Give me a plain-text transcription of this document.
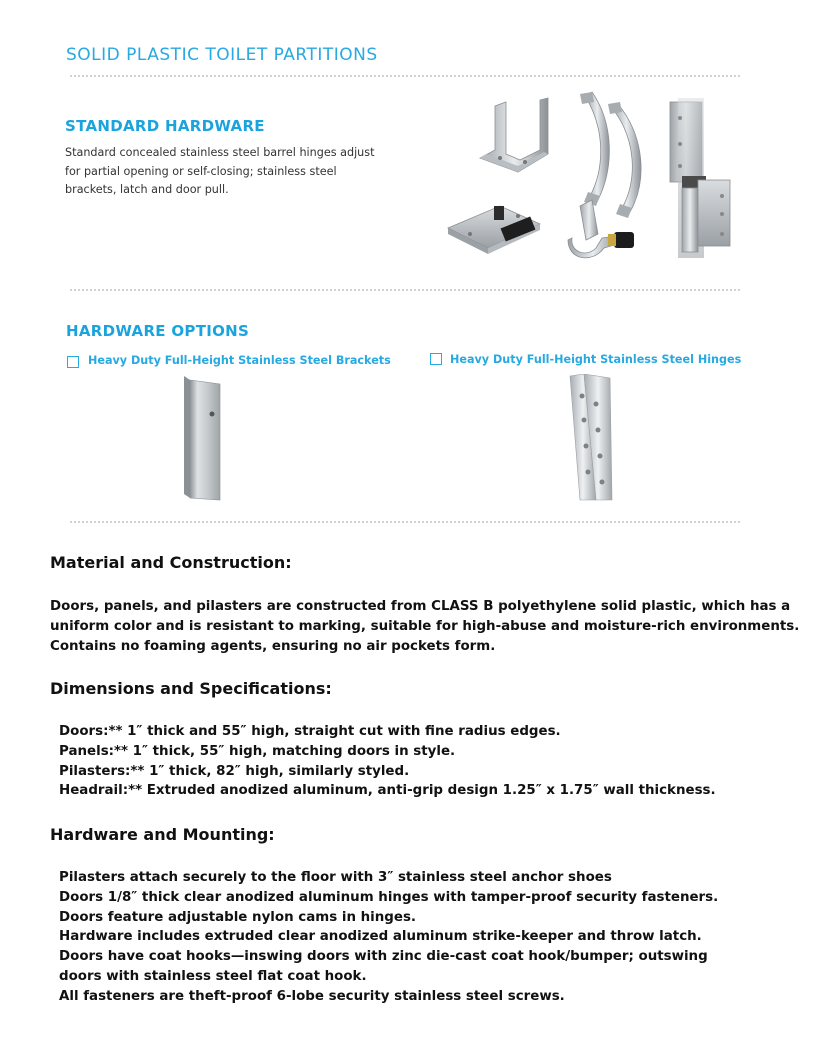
SOLID PLASTIC TOILET PARTITIONS
STANDARD HARDWARE
Standard concealed stainless steel barrel hinges adjust for partial opening or self-closing; stainless steel brackets, latch and door pull.
HARDWARE OPTIONS
Heavy Duty Full-Height Stainless Steel Brackets	Heavy Duty Full-Height Stainless Steel Hinges
Material and Construction:
Doors, panels, and pilasters are constructed from CLASS B polyethylene solid plastic, which has a uniform color and is resistant to marking, suitable for high-abuse and moisture-rich environments. Contains no foaming agents, ensuring no air pockets form.
Dimensions and Specifications:
Doors:** 1″ thick and 55″ high, straight cut with fine radius edges.
Panels:** 1″ thick, 55″ high, matching doors in style.
Pilasters:** 1″ thick, 82″ high, similarly styled.
Headrail:** Extruded anodized aluminum, anti-grip design 1.25″ x 1.75″ wall thickness.
Hardware and Mounting:
Pilasters attach securely to the floor with 3″ stainless steel anchor shoes
Doors 1/8″ thick clear anodized aluminum hinges with tamper-proof security fasteners.
Doors feature adjustable nylon cams in hinges.
Hardware includes extruded clear anodized aluminum strike-keeper and throw latch.
Doors have coat hooks—inswing doors with zinc die-cast coat hook/bumper; outswing doors with stainless steel flat coat hook.
All fasteners are theft-proof 6-lobe security stainless steel screws.
